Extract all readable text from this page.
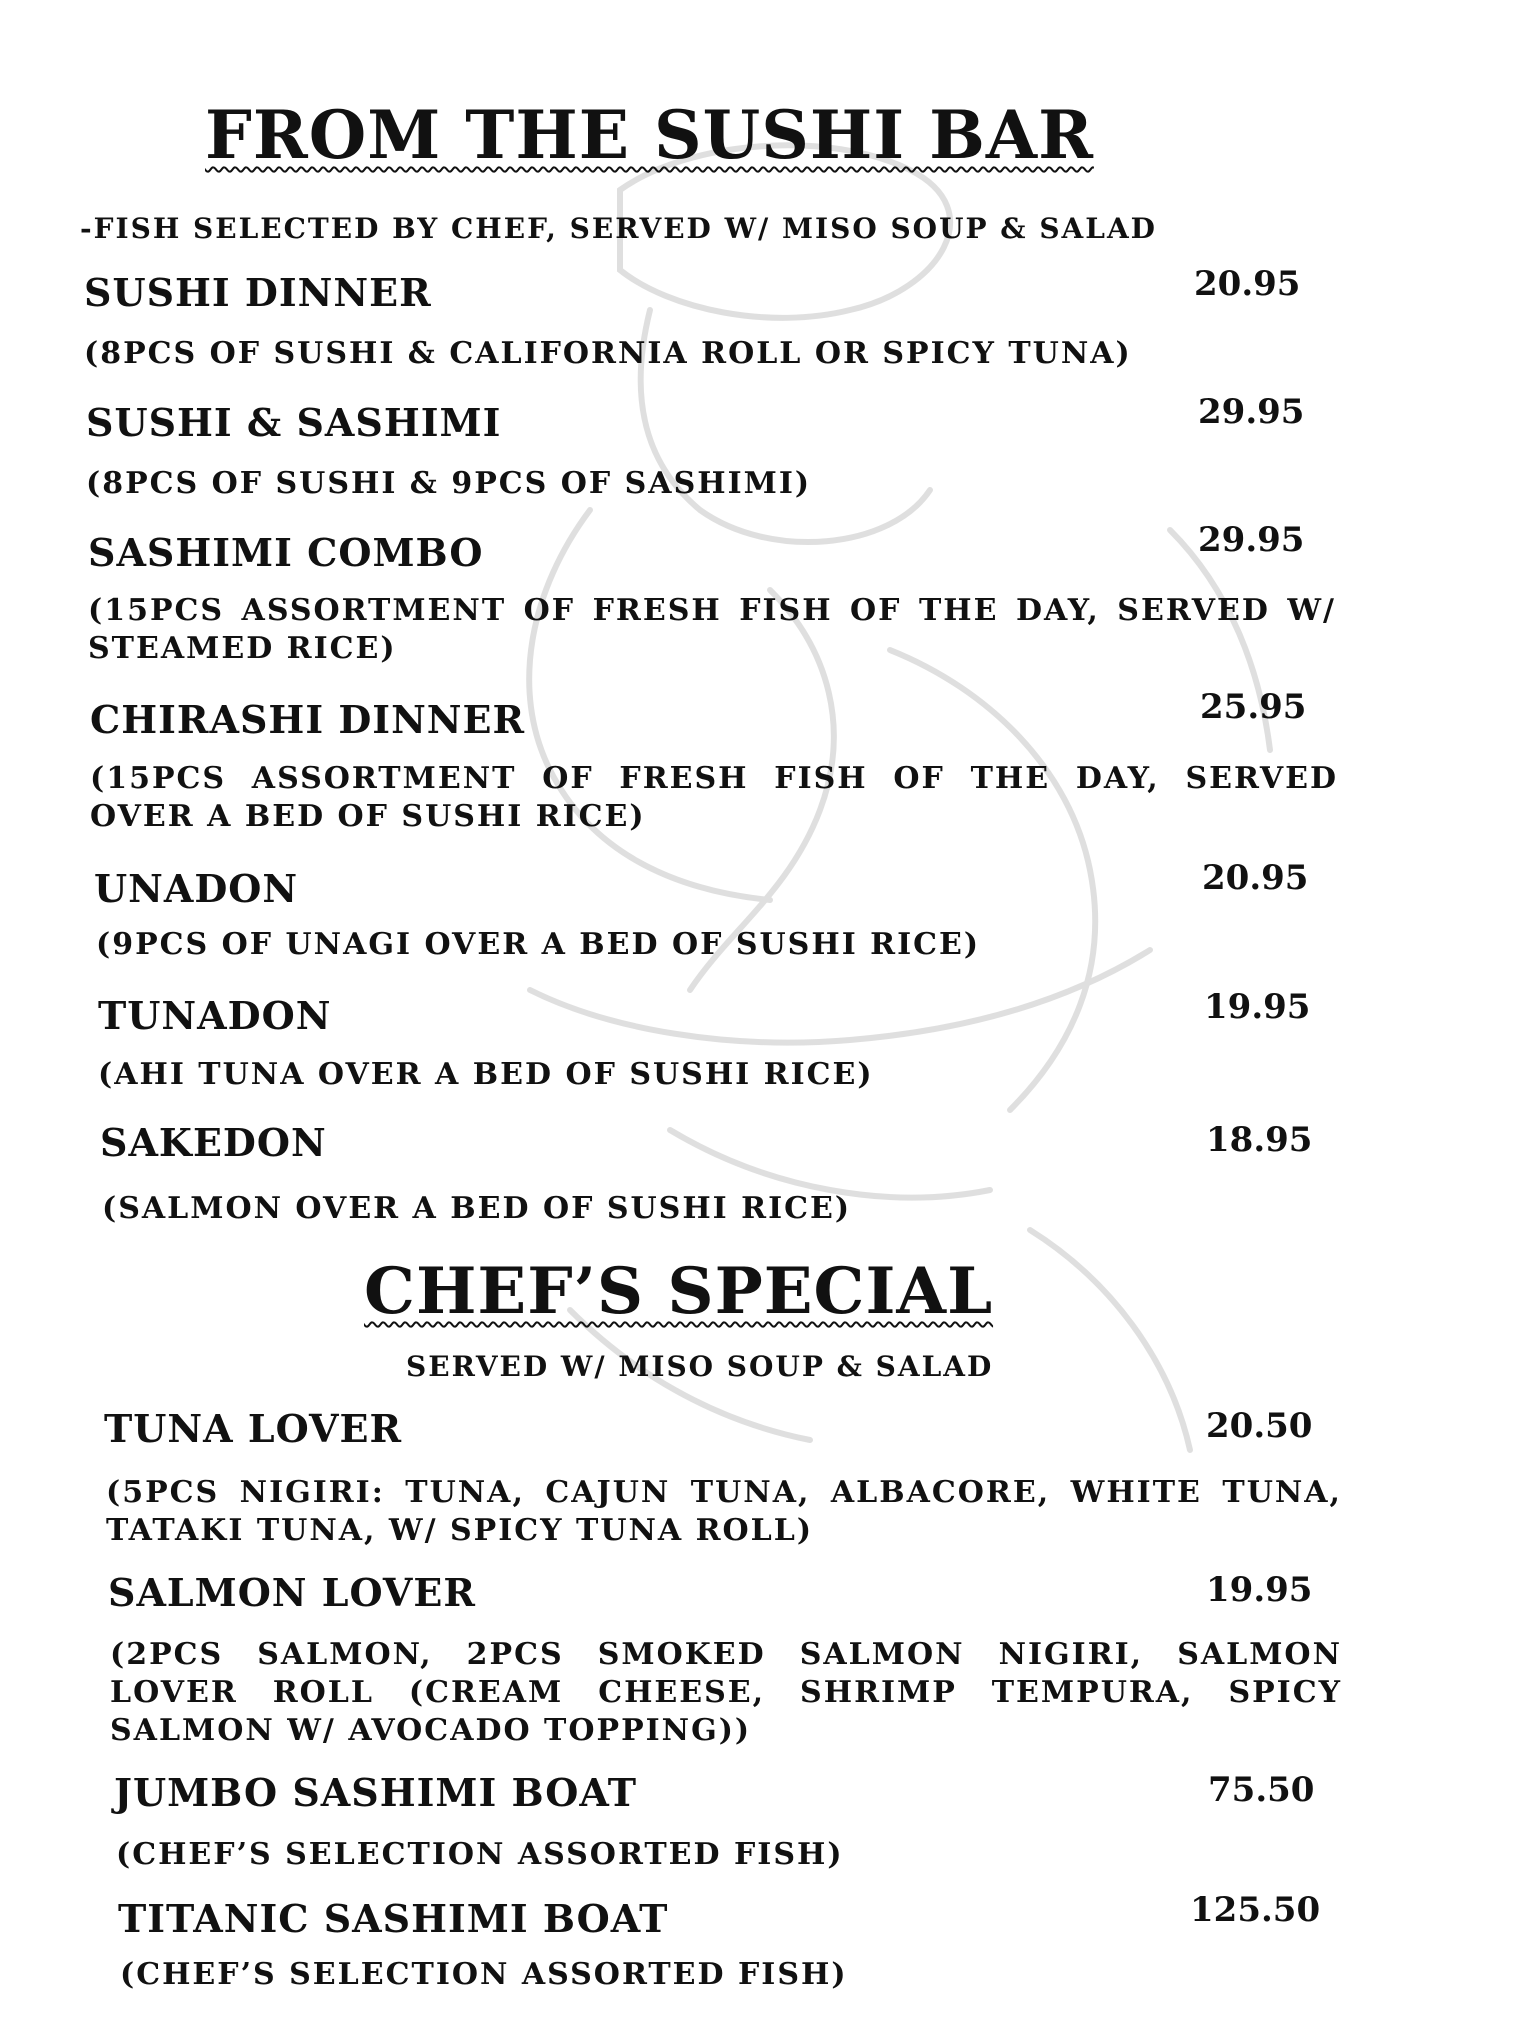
FROM THE SUSHI BAR

-FISH SELECTED BY CHEF, SERVED W/ MISO SOUP & SALAD

SUSHI DINNER	20.95
(8PCS OF SUSHI & CALIFORNIA ROLL OR SPICY TUNA)
SUSHI & SASHIMI	29.95
(8PCS OF SUSHI & 9PCS OF SASHIMI)
SASHIMI COMBO	29.95
(15PCS ASSORTMENT OF FRESH FISH OF THE DAY, SERVED W/ STEAMED RICE)
CHIRASHI DINNER	25.95
(15PCS ASSORTMENT OF FRESH FISH OF THE DAY, SERVED OVER A BED OF SUSHI RICE)
UNADON	20.95
(9PCS OF UNAGI OVER A BED OF SUSHI RICE)
TUNADON	19.95
(AHI TUNA OVER A BED OF SUSHI RICE)
SAKEDON	18.95
(SALMON OVER A BED OF SUSHI RICE)
CHEF’S SPECIAL

SERVED W/ MISO SOUP & SALAD

TUNA LOVER	20.50
(5PCS NIGIRI: TUNA, CAJUN TUNA, ALBACORE, WHITE TUNA, TATAKI TUNA, W/ SPICY TUNA ROLL)
SALMON LOVER	19.95
(2PCS SALMON, 2PCS SMOKED SALMON NIGIRI, SALMON LOVER ROLL (CREAM CHEESE, SHRIMP TEMPURA, SPICY SALMON W/ AVOCADO TOPPING))
JUMBO SASHIMI BOAT	75.50
(CHEF’S SELECTION ASSORTED FISH)
TITANIC SASHIMI BOAT	125.50
(CHEF’S SELECTION ASSORTED FISH)
